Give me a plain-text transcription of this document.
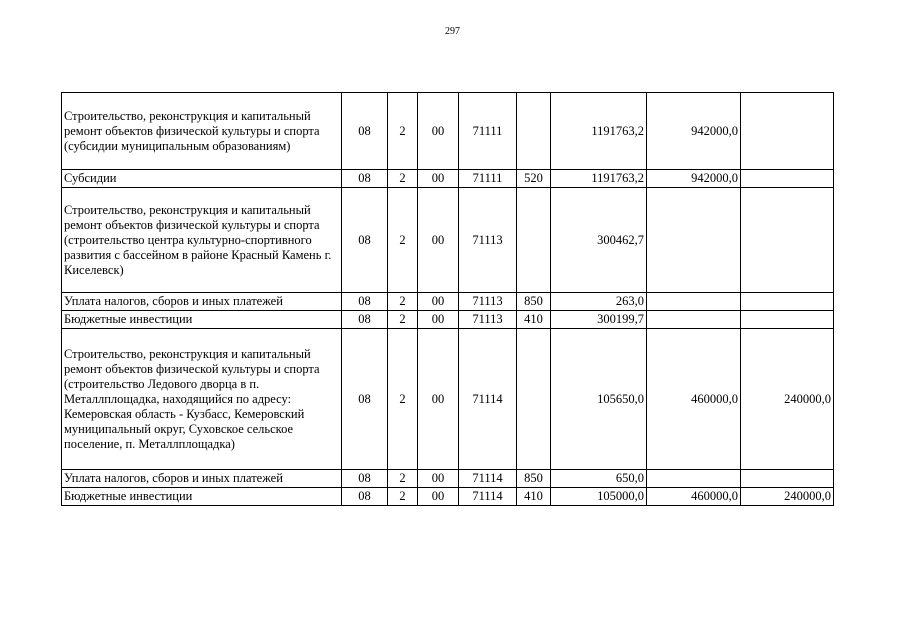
297
Строительство, реконструкция и капитальный ремонт объектов физической культуры и спорта (субсидии муниципальным образованиям)	08	2	00	71111		1191763,2	942000,0	
Субсидии	08	2	00	71111	520	1191763,2	942000,0	
Строительство, реконструкция и капитальный ремонт объектов физической культуры и спорта (строительство центра культурно-спортивного развития с бассейном в районе Красный Камень г. Киселевск)	08	2	00	71113		300462,7		
Уплата налогов, сборов и иных платежей	08	2	00	71113	850	263,0		
Бюджетные инвестиции	08	2	00	71113	410	300199,7		
Строительство, реконструкция и капитальный ремонт объектов физической культуры и спорта (строительство Ледового дворца в п. Металлплощадка, находящийся по адресу: Кемеровская область - Кузбасс, Кемеровский муниципальный округ, Суховское сельское поселение, п. Металлплощадка)	08	2	00	71114		105650,0	460000,0	240000,0
Уплата налогов, сборов и иных платежей	08	2	00	71114	850	650,0		
Бюджетные инвестиции	08	2	00	71114	410	105000,0	460000,0	240000,0
